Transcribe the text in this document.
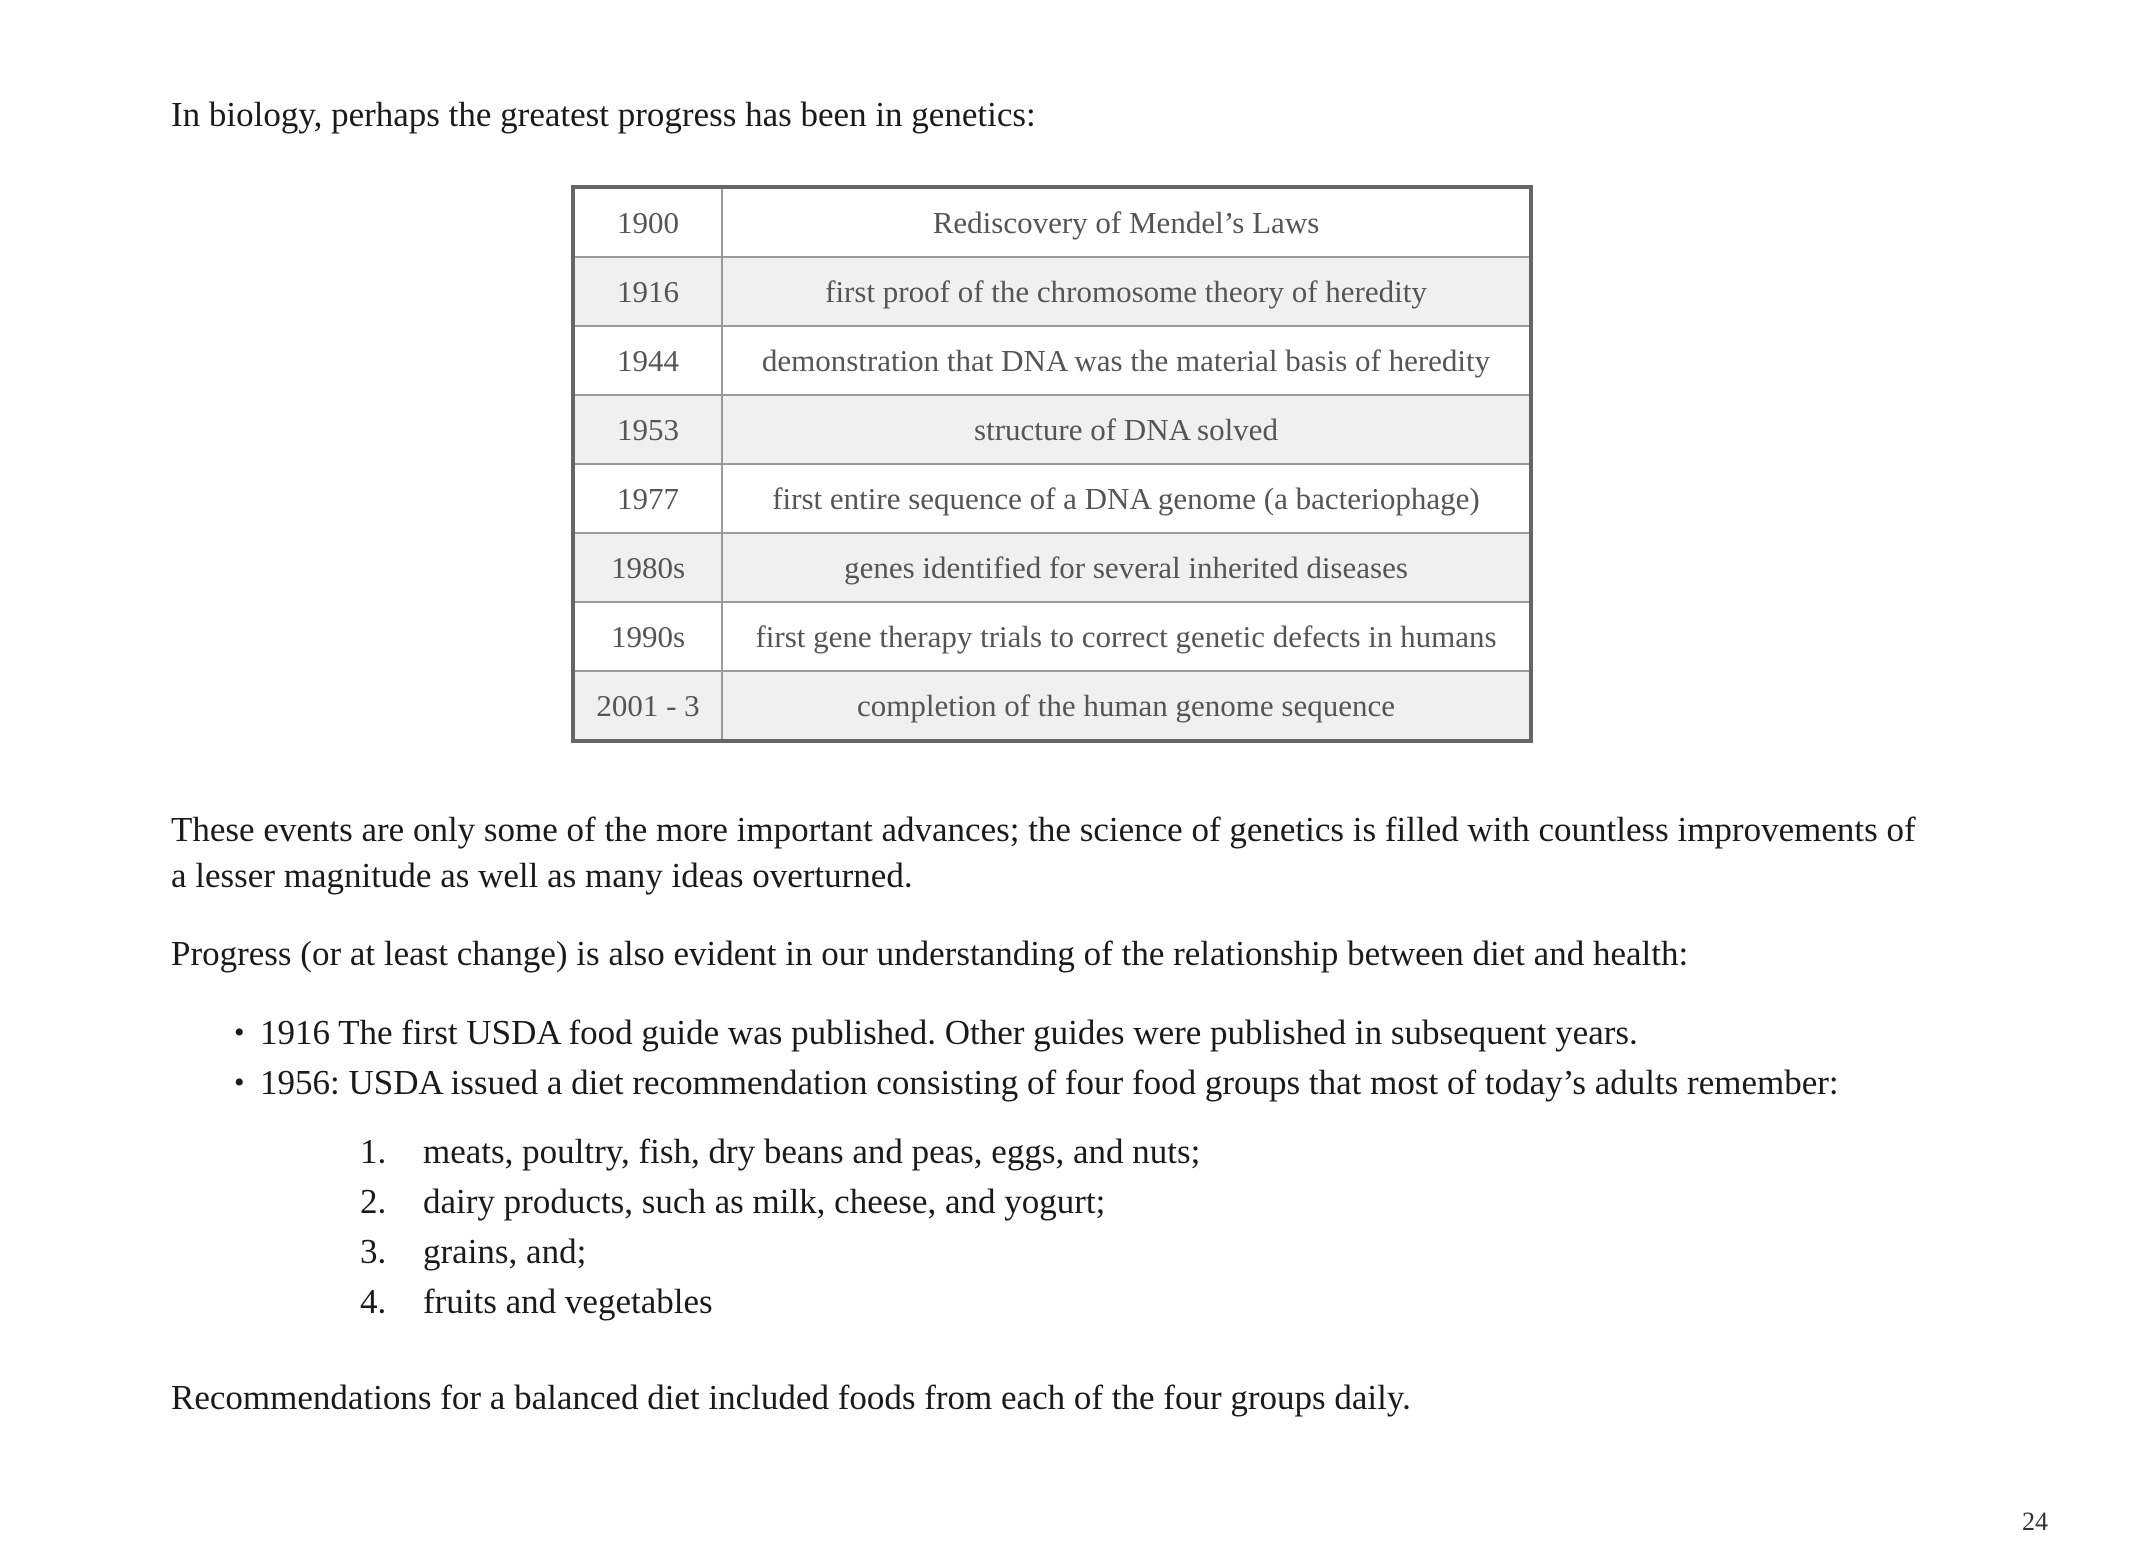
In biology, perhaps the greatest progress has been in genetics:

1900	Rediscovery of Mendel’s Laws
1916	first proof of the chromosome theory of heredity
1944	demonstration that DNA was the material basis of heredity
1953	structure of DNA solved
1977	first entire sequence of a DNA genome (a bacteriophage)
1980s	genes identified for several inherited diseases
1990s	first gene therapy trials to correct genetic defects in humans
2001 - 3	completion of the human genome sequence

These events are only some of the more important advances; the science of genetics is filled with countless improvements of a lesser magnitude as well as many ideas overturned.

Progress (or at least change) is also evident in our understanding of the relationship between diet and health:

• 1916 The first USDA food guide was published. Other guides were published in subsequent years.
• 1956: USDA issued a diet recommendation consisting of four food groups that most of today’s adults remember:
1. meats, poultry, fish, dry beans and peas, eggs, and nuts;
2. dairy products, such as milk, cheese, and yogurt;
3. grains, and;
4. fruits and vegetables

Recommendations for a balanced diet included foods from each of the four groups daily.

24
